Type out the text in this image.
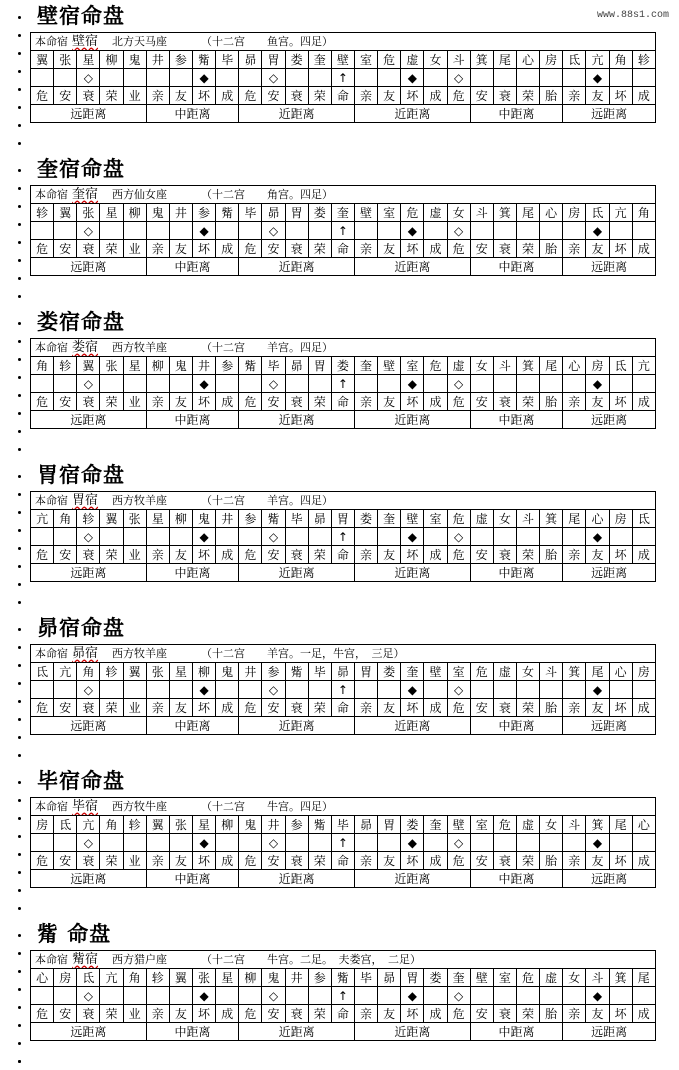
www.88s1.com
壁宿命盘
本命宿 壁宿 北方天马座 （十二宫　　鱼宫。四足）																										
翼	张	星	柳	鬼	井	参	觜	毕	昴	胃	娄	奎	壁	室	危	虚	女	斗	箕	尾	心	房	氐	亢	角	轸
		◇					◆			◇			↑			◆		◇						◆		
危	安	衰	荣	业	亲	友	坏	成	危	安	衰	荣	命	亲	友	坏	成	危	安	衰	荣	胎	亲	友	坏	成
远距离					中距离				近距离					近距离					中距离				远距离			
奎宿命盘
本命宿 奎宿 西方仙女座 （十二宫　　角宫。四足）																										
轸	翼	张	星	柳	鬼	井	参	觜	毕	昴	胃	娄	奎	壁	室	危	虚	女	斗	箕	尾	心	房	氐	亢	角
		◇					◆			◇			↑			◆		◇						◆		
危	安	衰	荣	业	亲	友	坏	成	危	安	衰	荣	命	亲	友	坏	成	危	安	衰	荣	胎	亲	友	坏	成
远距离					中距离				近距离					近距离					中距离				远距离			
娄宿命盘
本命宿 娄宿 西方牧羊座 （十二宫　　羊宫。四足）																										
角	轸	翼	张	星	柳	鬼	井	参	觜	毕	昴	胃	娄	奎	壁	室	危	虚	女	斗	箕	尾	心	房	氐	亢
		◇					◆			◇			↑			◆		◇						◆		
危	安	衰	荣	业	亲	友	坏	成	危	安	衰	荣	命	亲	友	坏	成	危	安	衰	荣	胎	亲	友	坏	成
远距离					中距离				近距离					近距离					中距离				远距离			
胃宿命盘
本命宿 胃宿 西方牧羊座 （十二宫　　羊宫。四足）																										
亢	角	轸	翼	张	星	柳	鬼	井	参	觜	毕	昴	胃	娄	奎	壁	室	危	虚	女	斗	箕	尾	心	房	氐
		◇					◆			◇			↑			◆		◇						◆		
危	安	衰	荣	业	亲	友	坏	成	危	安	衰	荣	命	亲	友	坏	成	危	安	衰	荣	胎	亲	友	坏	成
远距离					中距离				近距离					近距离					中距离				远距离			
昴宿命盘
本命宿 昴宿 西方牧羊座 （十二宫　　羊宫。一足，牛宫，　三足）																										
氐	亢	角	轸	翼	张	星	柳	鬼	井	参	觜	毕	昴	胃	娄	奎	壁	室	危	虚	女	斗	箕	尾	心	房
		◇					◆			◇			↑			◆		◇						◆		
危	安	衰	荣	业	亲	友	坏	成	危	安	衰	荣	命	亲	友	坏	成	危	安	衰	荣	胎	亲	友	坏	成
远距离					中距离				近距离					近距离					中距离				远距离			
毕宿命盘
本命宿 毕宿 西方牧牛座 （十二宫　　牛宫。四足）																										
房	氐	亢	角	轸	翼	张	星	柳	鬼	井	参	觜	毕	昴	胃	娄	奎	壁	室	危	虚	女	斗	箕	尾	心
		◇					◆			◇			↑			◆		◇						◆		
危	安	衰	荣	业	亲	友	坏	成	危	安	衰	荣	命	亲	友	坏	成	危	安	衰	荣	胎	亲	友	坏	成
远距离					中距离				近距离					近距离					中距离				远距离			
觜 命盘
本命宿 觜宿 西方猎户座 （十二宫　　牛宫。二足。　夫娄宫，　二足）																										
心	房	氐	亢	角	轸	翼	张	星	柳	鬼	井	参	觜	毕	昴	胃	娄	奎	壁	室	危	虚	女	斗	箕	尾
		◇					◆			◇			↑			◆		◇						◆		
危	安	衰	荣	业	亲	友	坏	成	危	安	衰	荣	命	亲	友	坏	成	危	安	衰	荣	胎	亲	友	坏	成
远距离					中距离				近距离					近距离					中距离				远距离			
